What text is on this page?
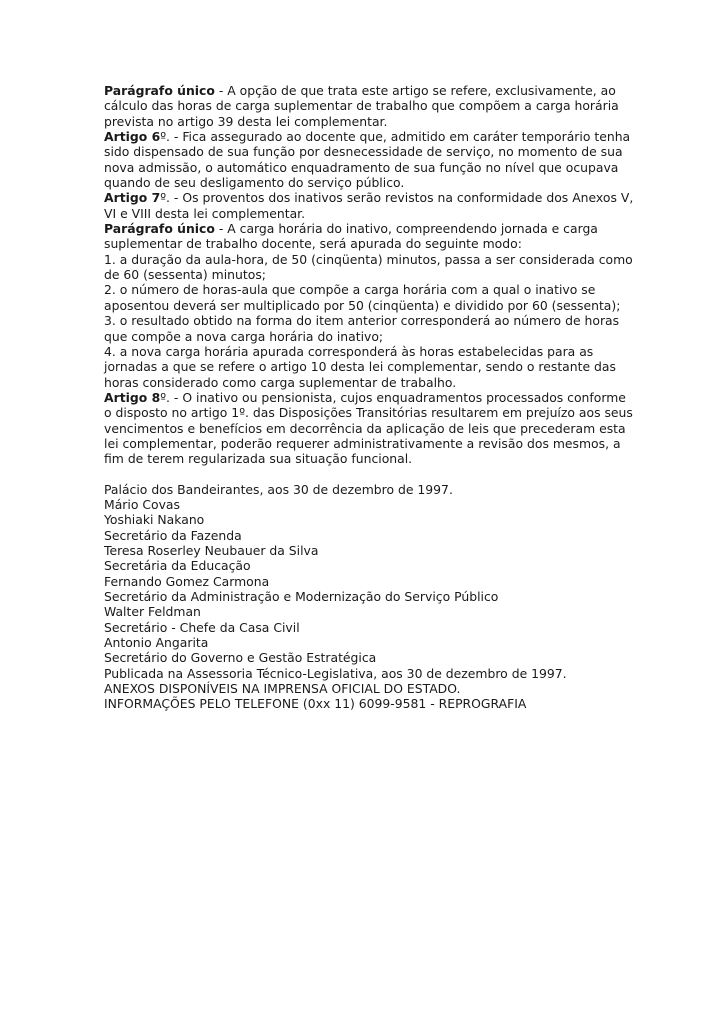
Parágrafo único - A opção de que trata este artigo se refere, exclusivamente, ao cálculo das horas de carga suplementar de trabalho que compõem a carga horária prevista no artigo 39 desta lei complementar.

Artigo 6º. - Fica assegurado ao docente que, admitido em caráter temporário tenha sido dispensado de sua função por desnecessidade de serviço, no momento de sua nova admissão, o automático enquadramento de sua função no nível que ocupava quando de seu desligamento do serviço público.

Artigo 7º. - Os proventos dos inativos serão revistos na conformidade dos Anexos V, VI e VIII desta lei complementar.

Parágrafo único - A carga horária do inativo, compreendendo jornada e carga suplementar de trabalho docente, será apurada do seguinte modo:

1. a duração da aula-hora, de 50 (cinqüenta) minutos, passa a ser considerada como de 60 (sessenta) minutos;

2. o número de horas-aula que compõe a carga horária com a qual o inativo se aposentou deverá ser multiplicado por 50 (cinqüenta) e dividido por 60 (sessenta);

3. o resultado obtido na forma do item anterior corresponderá ao número de horas que compõe a nova carga horária do inativo;

4. a nova carga horária apurada corresponderá às horas estabelecidas para as jornadas a que se refere o artigo 10 desta lei complementar, sendo o restante das horas considerado como carga suplementar de trabalho.

Artigo 8º. - O inativo ou pensionista, cujos enquadramentos processados conforme o disposto no artigo 1º. das Disposições Transitórias resultarem em prejuízo aos seus vencimentos e benefícios em decorrência da aplicação de leis que precederam esta lei complementar, poderão requerer administrativamente a revisão dos mesmos, a fim de terem regularizada sua situação funcional.

Palácio dos Bandeirantes, aos 30 de dezembro de 1997.

Mário Covas

Yoshiaki Nakano

Secretário da Fazenda

Teresa Roserley Neubauer da Silva

Secretária da Educação

Fernando Gomez Carmona

Secretário da Administração e Modernização do Serviço Público

Walter Feldman

Secretário - Chefe da Casa Civil

Antonio Angarita

Secretário do Governo e Gestão Estratégica

Publicada na Assessoria Técnico-Legislativa, aos 30 de dezembro de 1997.

ANEXOS DISPONÍVEIS NA IMPRENSA OFICIAL DO ESTADO.

INFORMAÇÕES PELO TELEFONE (0xx 11) 6099-9581 - REPROGRAFIA
